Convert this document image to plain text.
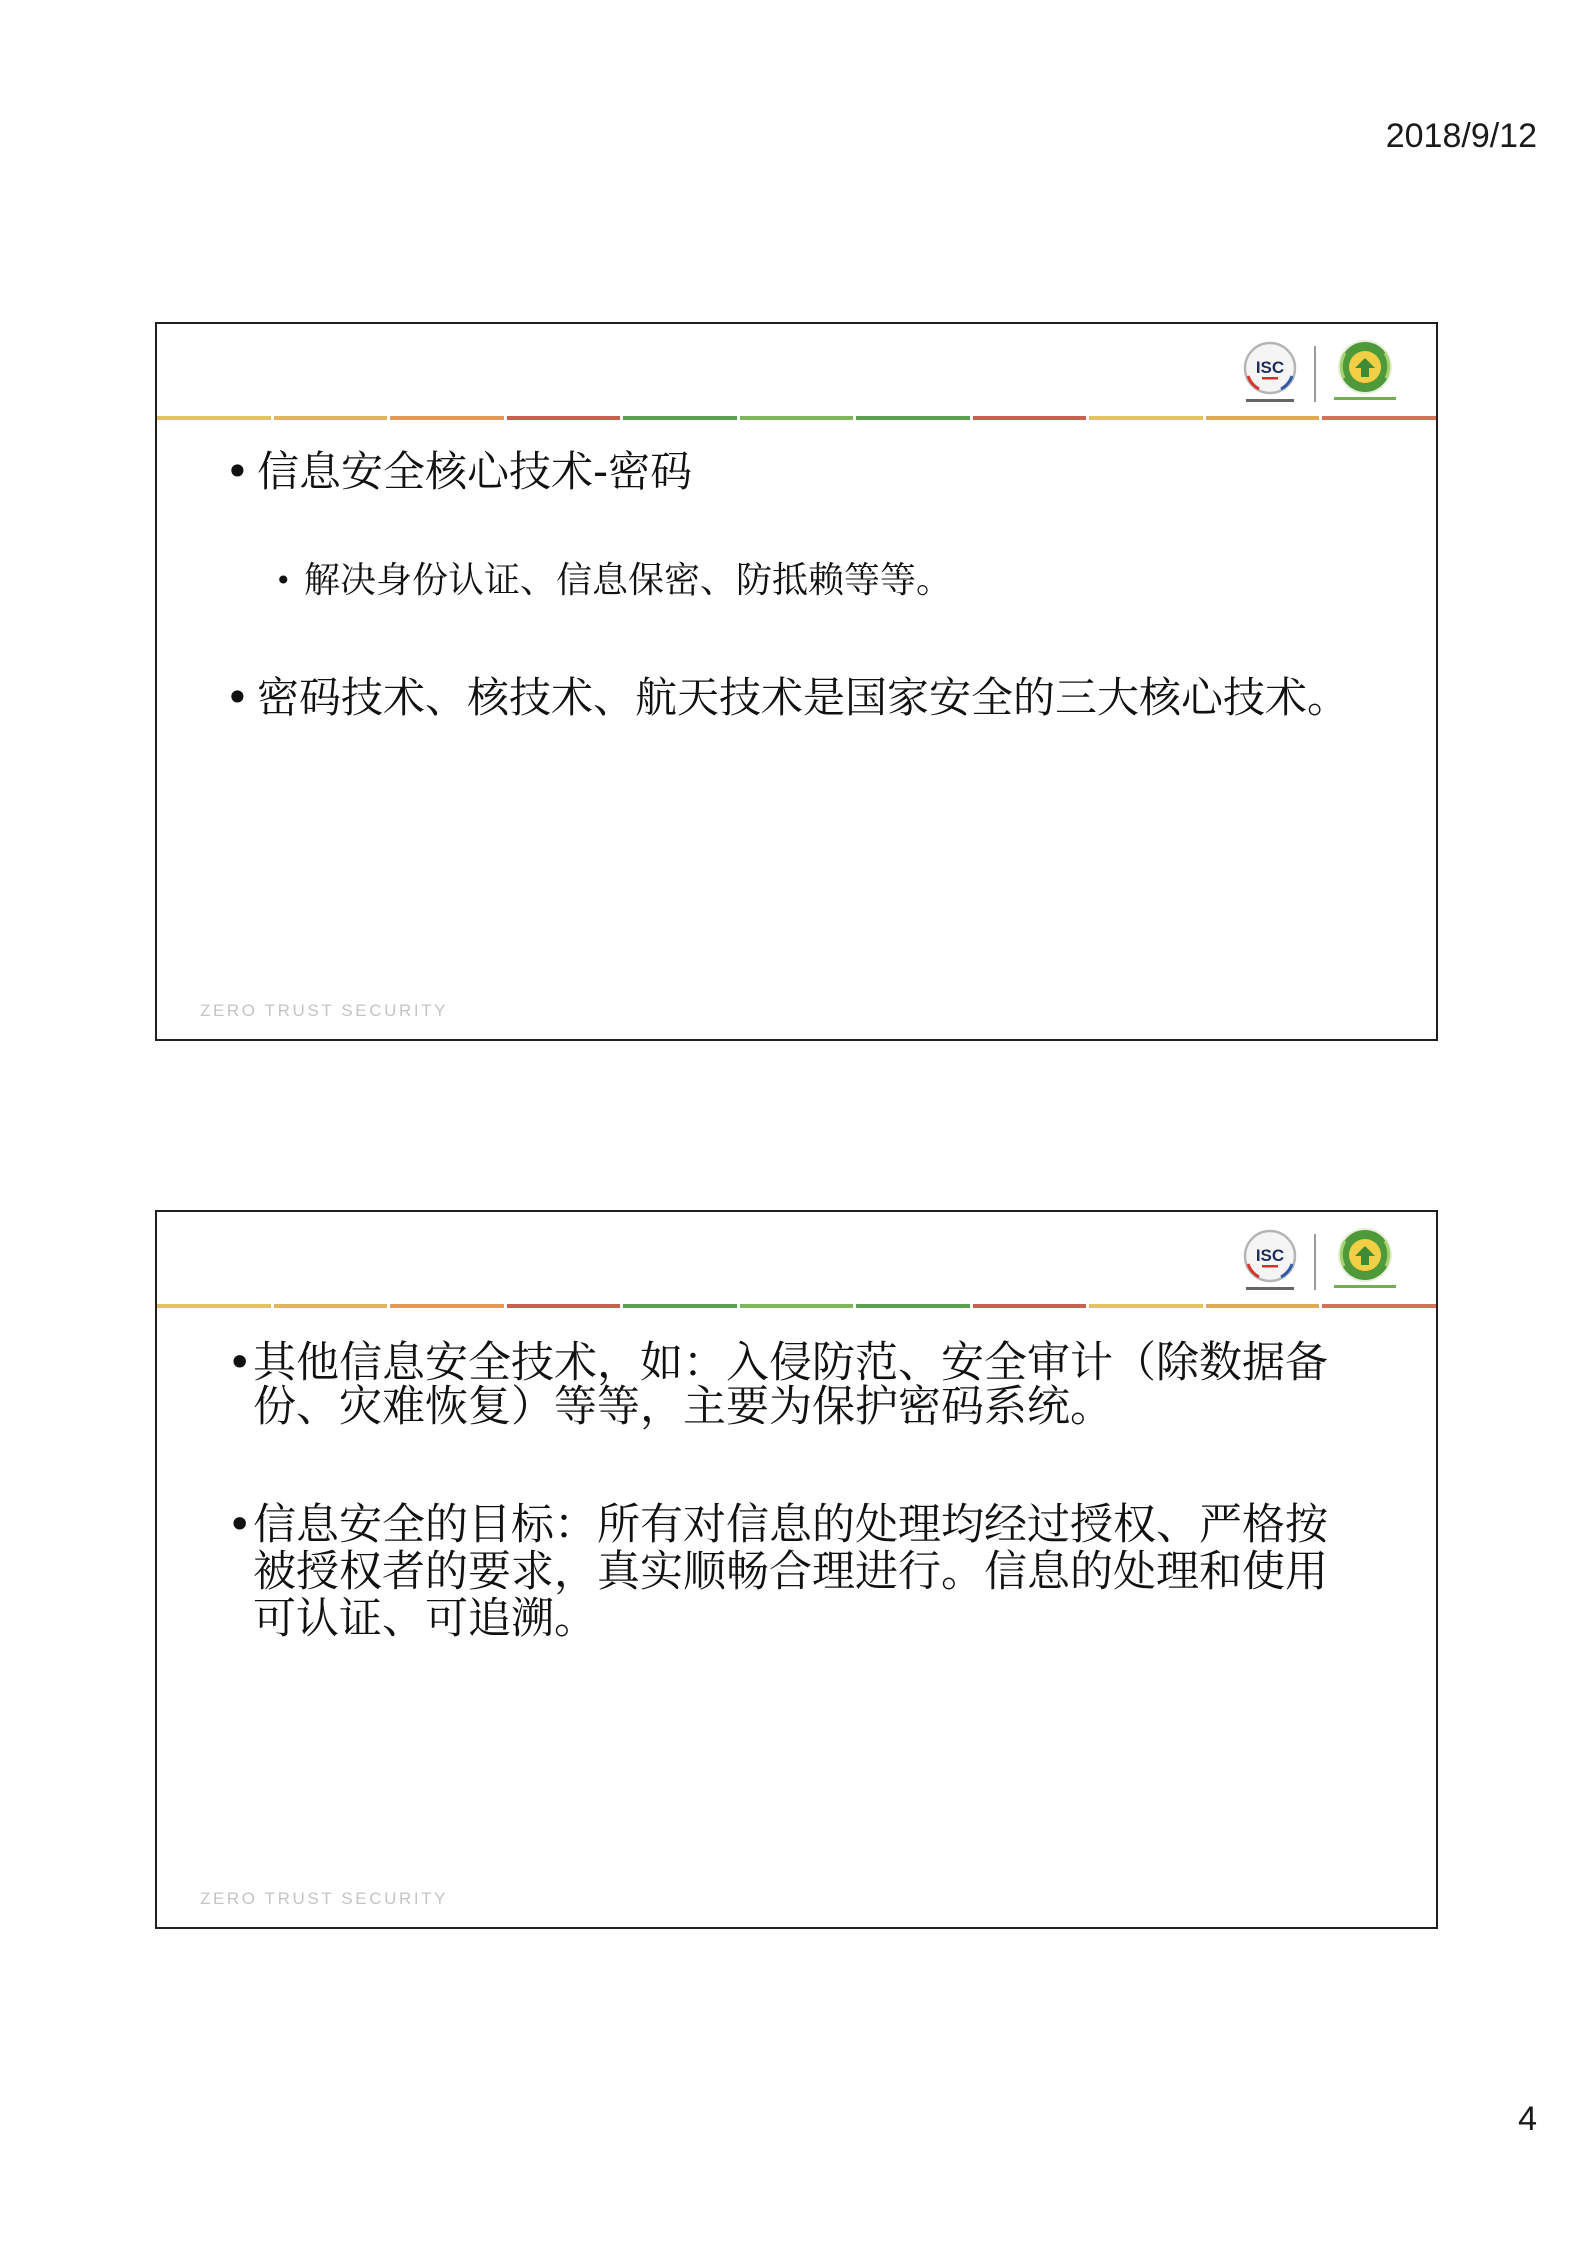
2018/9/12
ISC
• 信息安全核心技术-密码
• 解决身份认证、信息保密、防抵赖等等。
• 密码技术、核技术、航天技术是国家安全的三大核心技术。
ZERO TRUST SECURITY
ISC
• 其他信息安全技术，如：入侵防范、安全审计（除数据备
份、灾难恢复）等等，主要为保护密码系统。
• 信息安全的目标：所有对信息的处理均经过授权、严格按
被授权者的要求，真实顺畅合理进行。信息的处理和使用
可认证、可追溯。
ZERO TRUST SECURITY
4
